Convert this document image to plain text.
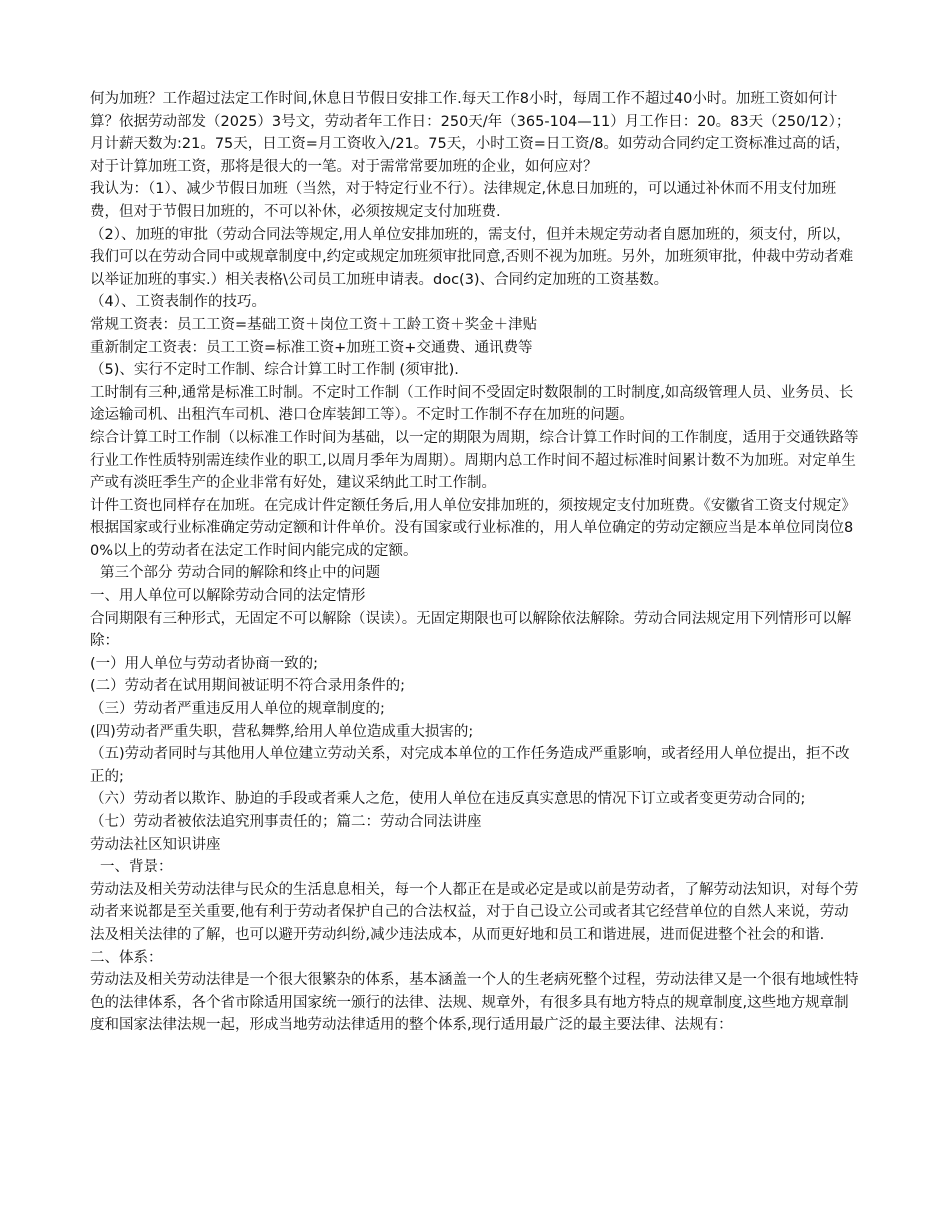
何为加班？工作超过法定工作时间,休息日节假日安排工作.每天工作8小时，每周工作不超过40小时。加班工资如何计算？依据劳动部发（2025）3号文，劳动者年工作日：250天/年（365-104—11）月工作日：20。83天（250/12）；月计薪天数为:21。75天，日工资=月工资收入/21。75天，小时工资=日工资/8。如劳动合同约定工资标准过高的话，对于计算加班工资，那将是很大的一笔。对于需常常要加班的企业，如何应对？

我认为：（1）、减少节假日加班（当然，对于特定行业不行）。法律规定,休息日加班的，可以通过补休而不用支付加班费，但对于节假日加班的，不可以补休，必须按规定支付加班费.

（2）、加班的审批（劳动合同法等规定,用人单位安排加班的，需支付，但并未规定劳动者自愿加班的，须支付，所以，我们可以在劳动合同中或规章制度中,约定或规定加班须审批同意,否则不视为加班。另外，加班须审批，仲裁中劳动者难以举证加班的事实.）相关表格\公司员工加班申请表。doc(3)、合同约定加班的工资基数。

（4）、工资表制作的技巧。

常规工资表：员工工资=基础工资＋岗位工资＋工龄工资＋奖金＋津贴

重新制定工资表：员工工资=标准工资+加班工资+交通费、通讯费等

（5)、实行不定时工作制、综合计算工时工作制 (须审批).

工时制有三种,通常是标准工时制。不定时工作制（工作时间不受固定时数限制的工时制度,如高级管理人员、业务员、长途运输司机、出租汽车司机、港口仓库装卸工等）。不定时工作制不存在加班的问题。

综合计算工时工作制（以标准工作时间为基础，以一定的期限为周期，综合计算工作时间的工作制度，适用于交通铁路等行业工作性质特别需连续作业的职工,以周月季年为周期）。周期内总工作时间不超过标准时间累计数不为加班。对定单生产或有淡旺季生产的企业非常有好处，建议采纳此工时工作制。

计件工资也同样存在加班。在完成计件定额任务后,用人单位安排加班的，须按规定支付加班费。《安徽省工资支付规定》根据国家或行业标准确定劳动定额和计件单价。没有国家或行业标准的，用人单位确定的劳动定额应当是本单位同岗位80%以上的劳动者在法定工作时间内能完成的定额。

第三个部分 劳动合同的解除和终止中的问题

一、用人单位可以解除劳动合同的法定情形

合同期限有三种形式，无固定不可以解除（误读）。无固定期限也可以解除依法解除。劳动合同法规定用下列情形可以解除：

(一）用人单位与劳动者协商一致的;

(二）劳动者在试用期间被证明不符合录用条件的;

（三）劳动者严重违反用人单位的规章制度的;

(四)劳动者严重失职，营私舞弊,给用人单位造成重大损害的;

（五)劳动者同时与其他用人单位建立劳动关系，对完成本单位的工作任务造成严重影响，或者经用人单位提出，拒不改正的;

（六）劳动者以欺诈、胁迫的手段或者乘人之危，使用人单位在违反真实意思的情况下订立或者变更劳动合同的;

（七）劳动者被依法追究刑事责任的；篇二：劳动合同法讲座

劳动法社区知识讲座

一、背景：

劳动法及相关劳动法律与民众的生活息息相关，每一个人都正在是或必定是或以前是劳动者，了解劳动法知识，对每个劳动者来说都是至关重要,他有利于劳动者保护自己的合法权益，对于自己设立公司或者其它经营单位的自然人来说，劳动法及相关法律的了解，也可以避开劳动纠纷,减少违法成本，从而更好地和员工和谐进展，进而促进整个社会的和谐.

二、体系：

劳动法及相关劳动法律是一个很大很繁杂的体系，基本涵盖一个人的生老病死整个过程，劳动法律又是一个很有地域性特色的法律体系，各个省市除适用国家统一颁行的法律、法规、规章外，有很多具有地方特点的规章制度,这些地方规章制度和国家法律法规一起，形成当地劳动法律适用的整个体系,现行适用最广泛的最主要法律、法规有：
